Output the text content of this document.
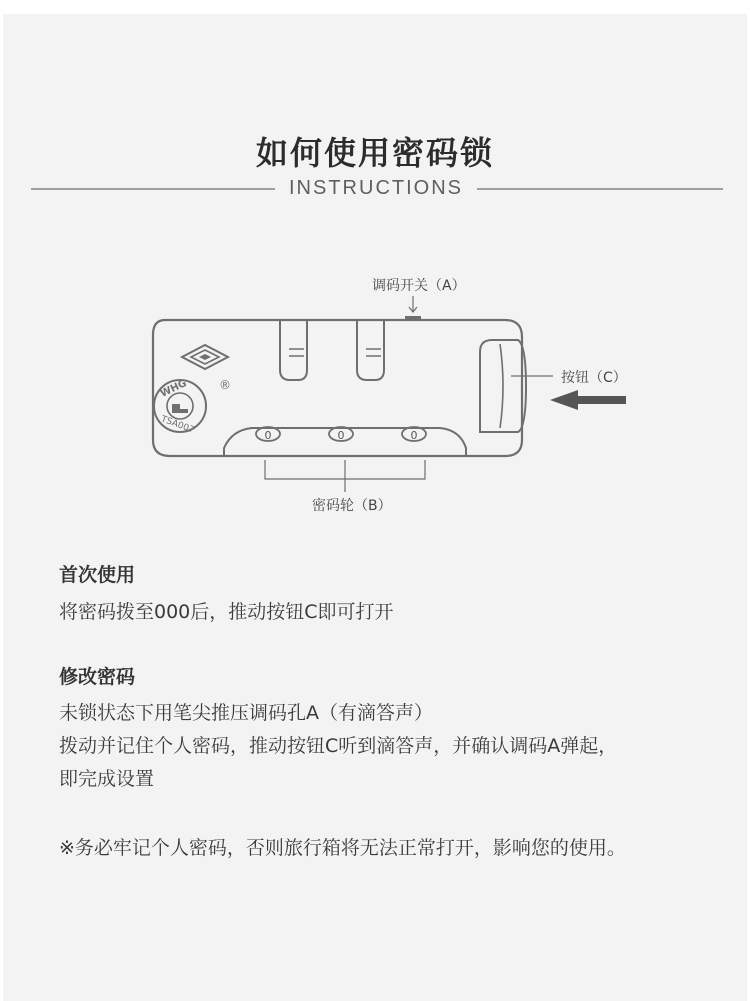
如何使用密码锁
INSTRUCTIONS
0	0	0
®
WHG
TSA007
调码开关（A）
按钮（C）
密码轮（B）
首次使用
将密码拨至000后，推动按钮C即可打开
修改密码
未锁状态下用笔尖推压调码孔A（有滴答声）
拨动并记住个人密码，推动按钮C听到滴答声，并确认调码A弹起，
即完成设置
※务必牢记个人密码，否则旅行箱将无法正常打开，影响您的使用。
